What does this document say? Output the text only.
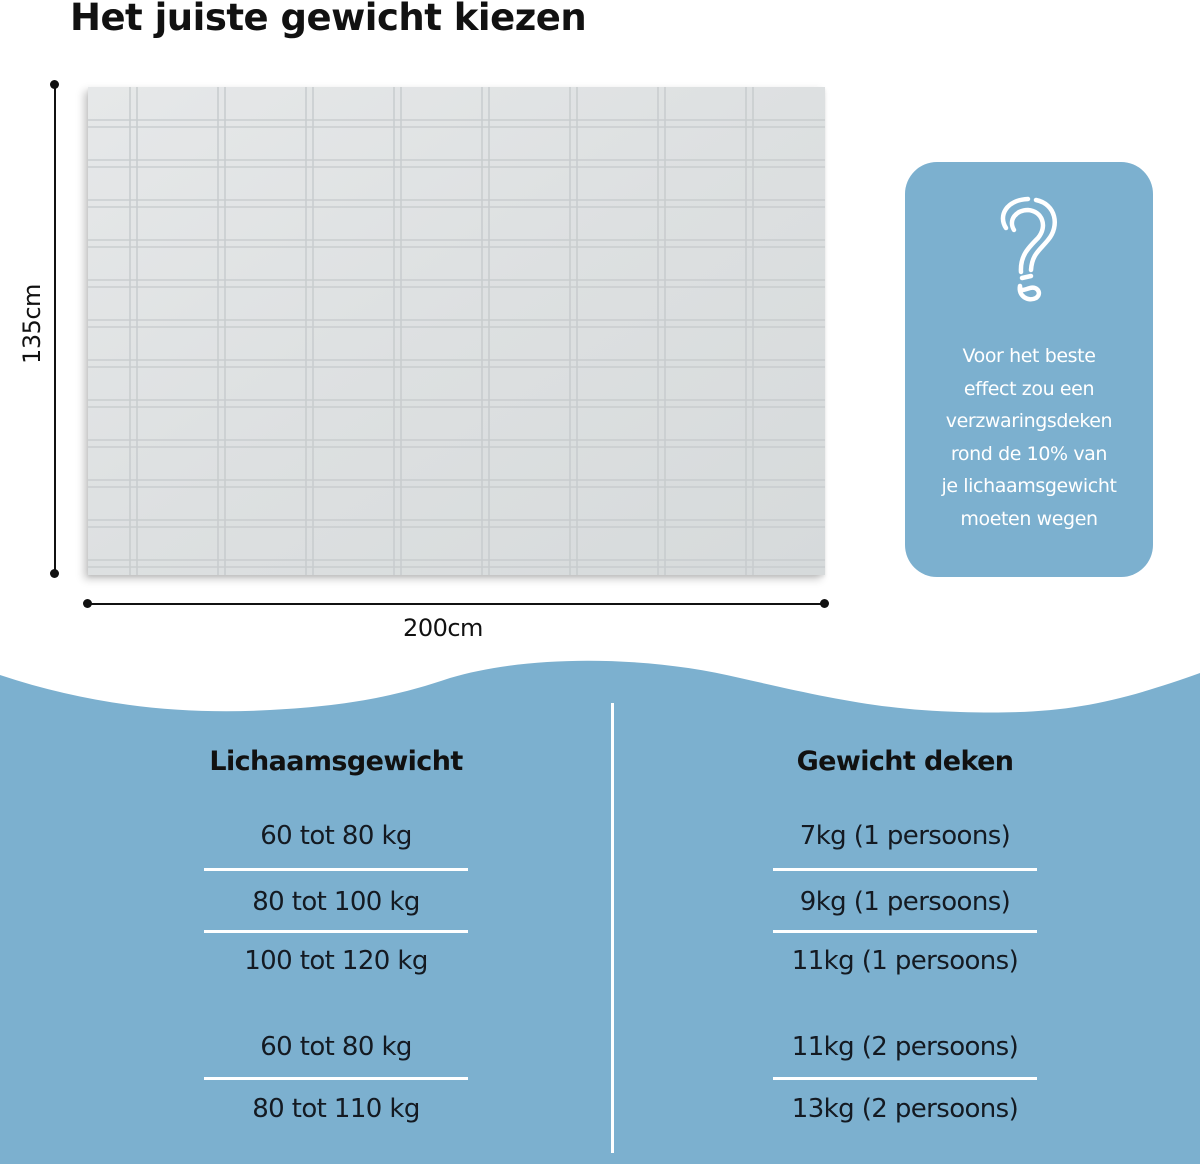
Het juiste gewicht kiezen
135cm
200cm
Voor het beste
effect zou een
verzwaringsdeken
rond de 10% van
je lichaamsgewicht
moeten wegen
Lichaamsgewicht
60 tot 80 kg
80 tot 100 kg
100 tot 120 kg
60 tot 80 kg
80 tot 110 kg
Gewicht deken
7kg (1 persoons)
9kg (1 persoons)
11kg (1 persoons)
11kg (2 persoons)
13kg (2 persoons)
